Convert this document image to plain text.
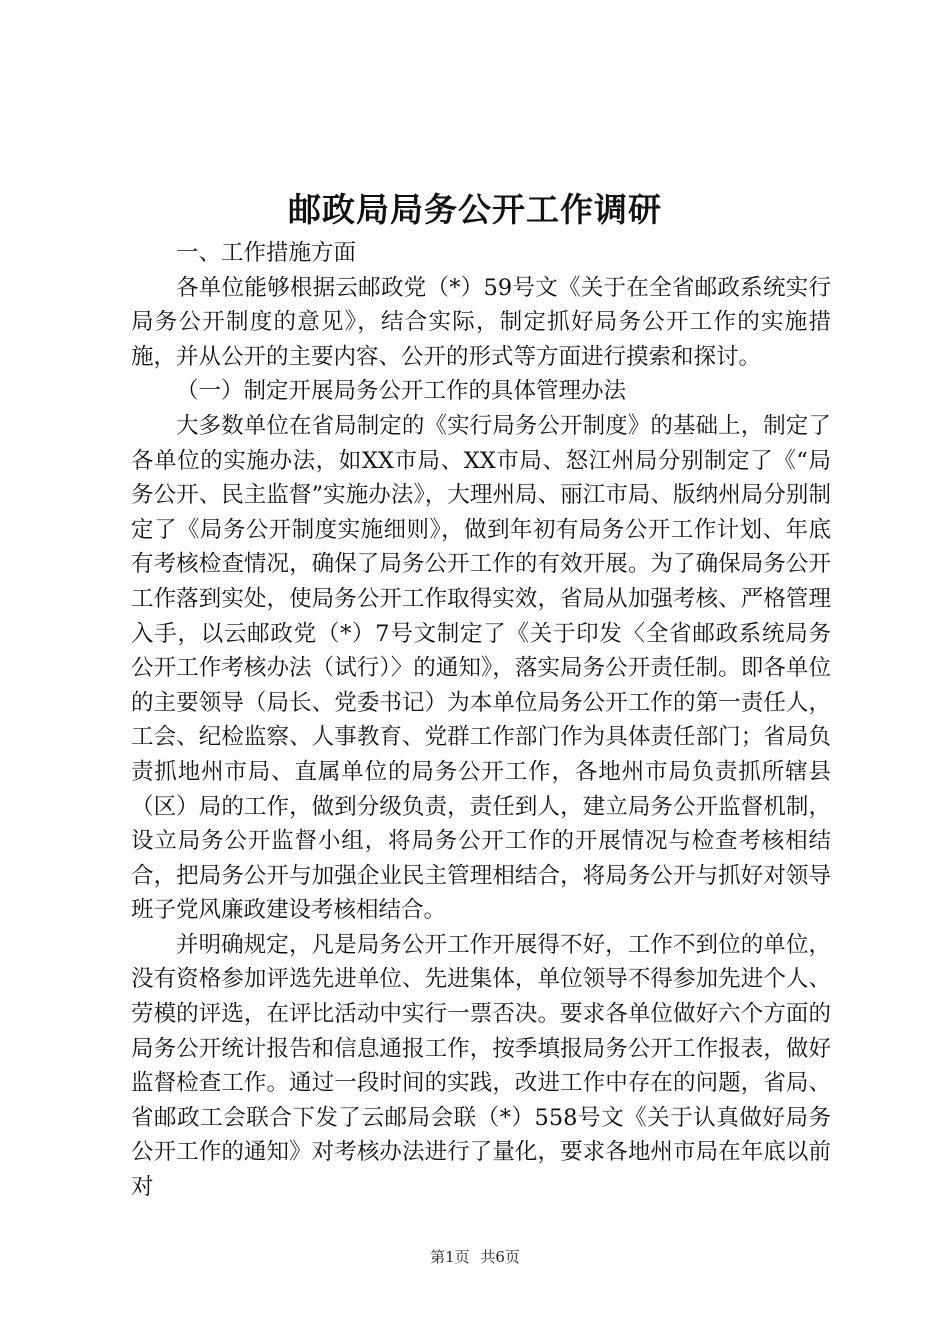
邮政局局务公开工作调研

一、工作措施方面

各单位能够根据云邮政党（*）59号文《关于在全省邮政系统实行局务公开制度的意见》，结合实际，制定抓好局务公开工作的实施措施，并从公开的主要内容、公开的形式等方面进行摸索和探讨。

（一）制定开展局务公开工作的具体管理办法

大多数单位在省局制定的《实行局务公开制度》的基础上，制定了各单位的实施办法，如XX市局、XX市局、怒江州局分别制定了《“局务公开、民主监督”实施办法》，大理州局、丽江市局、版纳州局分别制定了《局务公开制度实施细则》，做到年初有局务公开工作计划、年底有考核检查情况，确保了局务公开工作的有效开展。为了确保局务公开工作落到实处，使局务公开工作取得实效，省局从加强考核、严格管理入手，以云邮政党（*）7号文制定了《关于印发〈全省邮政系统局务公开工作考核办法（试行）〉的通知》，落实局务公开责任制。即各单位的主要领导（局长、党委书记）为本单位局务公开工作的第一责任人，工会、纪检监察、人事教育、党群工作部门作为具体责任部门；省局负责抓地州市局、直属单位的局务公开工作，各地州市局负责抓所辖县（区）局的工作，做到分级负责，责任到人，建立局务公开监督机制，设立局务公开监督小组，将局务公开工作的开展情况与检查考核相结合，把局务公开与加强企业民主管理相结合，将局务公开与抓好对领导班子党风廉政建设考核相结合。

并明确规定，凡是局务公开工作开展得不好，工作不到位的单位，没有资格参加评选先进单位、先进集体，单位领导不得参加先进个人、劳模的评选，在评比活动中实行一票否决。要求各单位做好六个方面的局务公开统计报告和信息通报工作，按季填报局务公开工作报表，做好监督检查工作。通过一段时间的实践，改进工作中存在的问题，省局、省邮政工会联合下发了云邮局会联（*）558号文《关于认真做好局务公开工作的通知》对考核办法进行了量化，要求各地州市局在年底以前对

第1页 共6页
